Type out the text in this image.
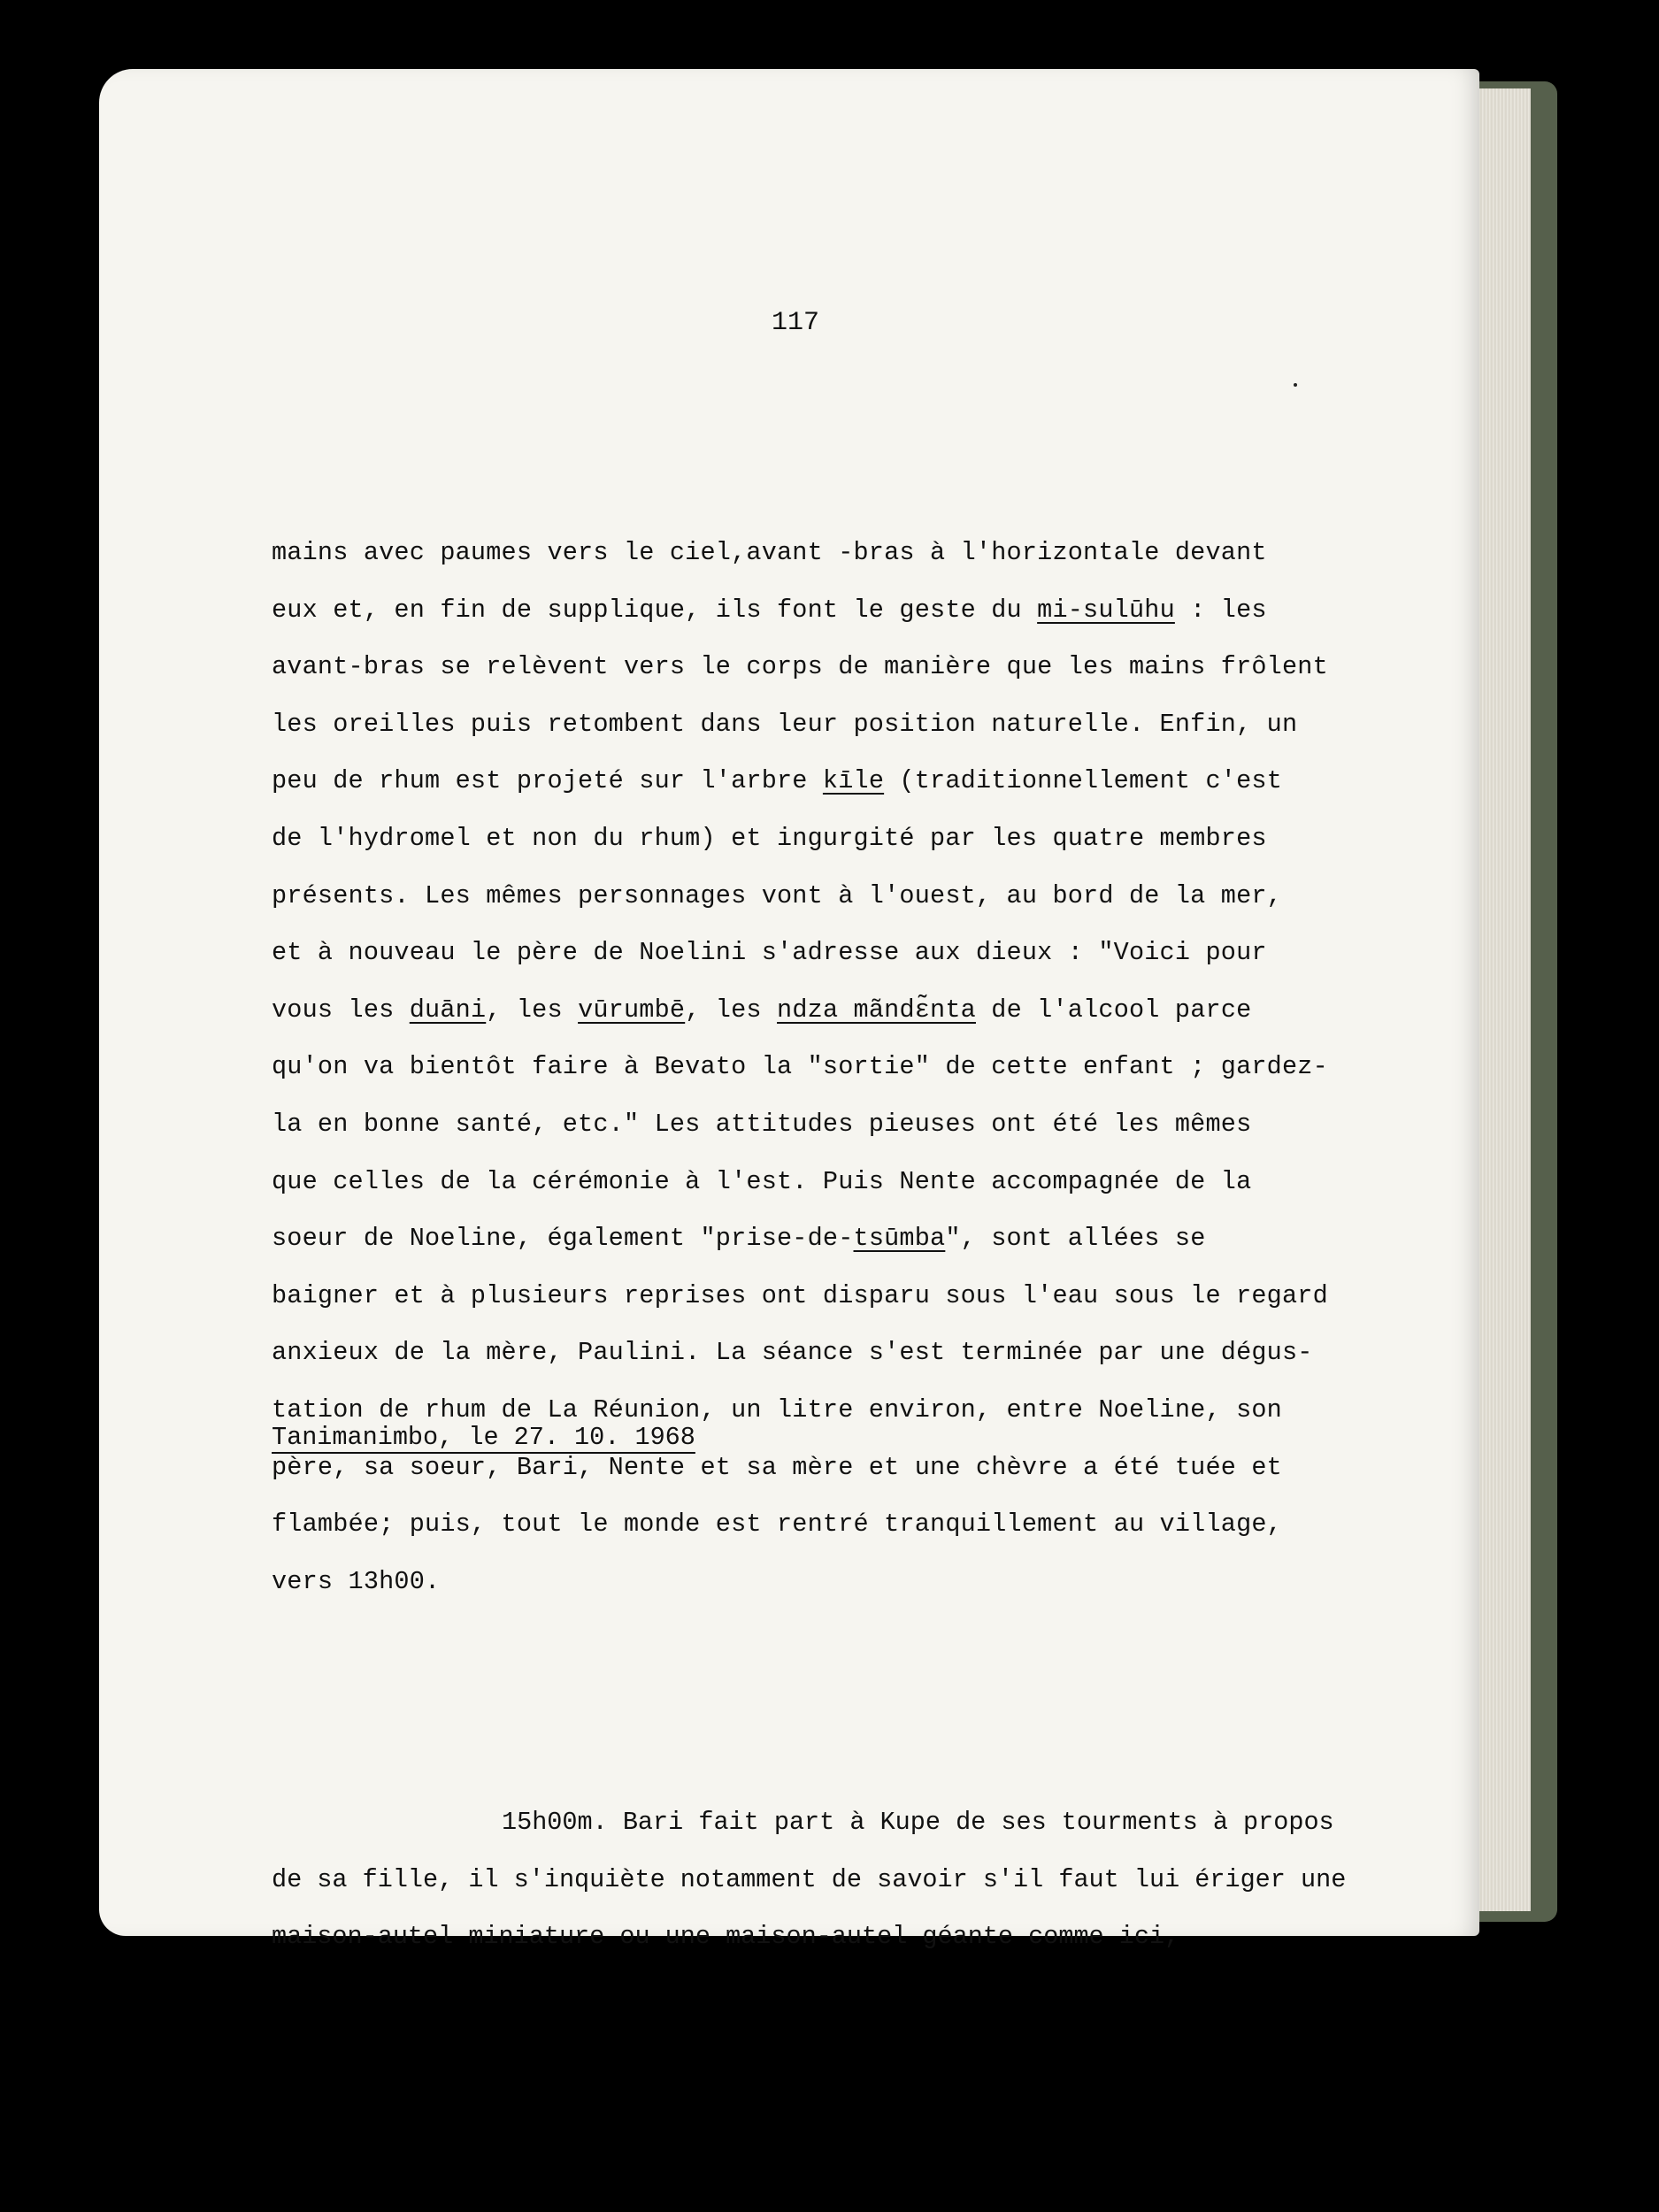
117
mains avec paumes vers le ciel,avant -bras à l'horizontale devant
eux et, en fin de supplique, ils font le geste du mi-sulūhu : les
avant-bras se relèvent vers le corps de manière que les mains frôlent
les oreilles puis retombent dans leur position naturelle. Enfin, un
peu de rhum est projeté sur l'arbre kīle (traditionnellement c'est
de l'hydromel et non du rhum) et ingurgité par les quatre membres
présents. Les mêmes personnages vont à l'ouest, au bord de la mer,
et à nouveau le père de Noelini s'adresse aux dieux : "Voici pour
vous les duāni, les vūrumbē, les ndza mãndɛ̃nta de l'alcool parce
qu'on va bientôt faire à Bevato la "sortie" de cette enfant ; gardez-
la en bonne santé, etc." Les attitudes pieuses ont été les mêmes
que celles de la cérémonie à l'est. Puis Nente accompagnée de la
soeur de Noeline, également "prise-de-tsūmba", sont allées se
baigner et à plusieurs reprises ont disparu sous l'eau sous le regard
anxieux de la mère, Paulini. La séance s'est terminée par une dégus-
tation de rhum de La Réunion, un litre environ, entre Noeline, son
père, sa soeur, Bari, Nente et sa mère et une chèvre a été tuée et
flambée; puis, tout le monde est rentré tranquillement au village,
vers 13h00.
Tanimanimbo, le 27. 10. 1968
15h00m. Bari fait part à Kupe de ses tourments à propos
de sa fille, il s'inquiète notamment de savoir s'il faut lui ériger une
maison-autel miniature ou une maison-autel géante comme ici,
